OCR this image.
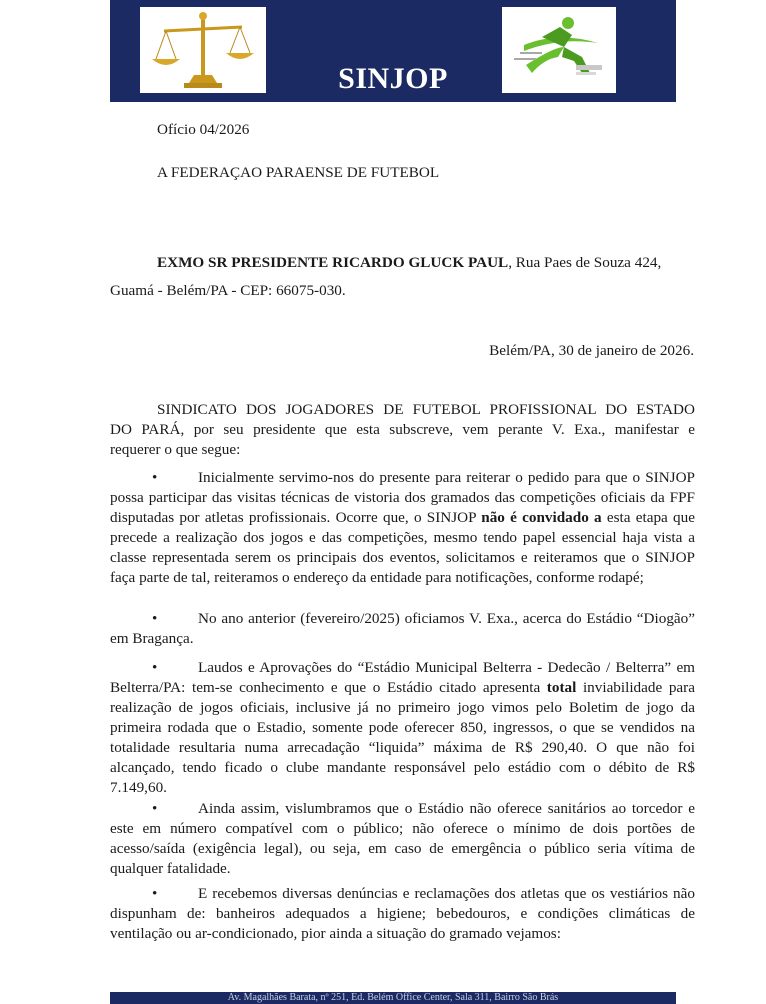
SINJOP
Ofício 04/2026
A FEDERAÇAO PARAENSE DE FUTEBOL
EXMO SR PRESIDENTE RICARDO GLUCK PAUL, Rua Paes de Souza 424,
Guamá - Belém/PA - CEP: 66075-030.
Belém/PA, 30 de janeiro de 2026.
SINDICATO DOS JOGADORES DE FUTEBOL PROFISSIONAL DO ESTADO
DO PARÁ, por seu presidente que esta subscreve, vem perante V. Exa., manifestar e
requerer o que segue:
•	Inicialmente servimo-nos do presente para reiterar o pedido para que o SINJOP possa participar das visitas técnicas de vistoria dos gramados das competições oficiais da FPF disputadas por atletas profissionais. Ocorre que, o SINJOP não é convidado a esta etapa que precede a realização dos jogos e das competições, mesmo tendo papel essencial haja vista a classe representada serem os principais dos eventos, solicitamos e reiteramos que o SINJOP faça parte de tal, reiteramos o endereço da entidade para notificações, conforme rodapé;
•	No ano anterior (fevereiro/2025) oficiamos V. Exa., acerca do Estádio “Diogão” em Bragança.
•	Laudos e Aprovações do “Estádio Municipal Belterra - Dedecão / Belterra” em Belterra/PA: tem-se conhecimento e que o Estádio citado apresenta total inviabilidade para realização de jogos oficiais, inclusive já no primeiro jogo vimos pelo Boletim de jogo da primeira rodada que o Estadio, somente pode oferecer 850, ingressos, o que se vendidos na totalidade resultaria numa arrecadação “liquida” máxima de R$ 290,40. O que não foi alcançado, tendo ficado o clube mandante responsável pelo estádio com o débito de R$ 7.149,60.
•	Ainda assim, vislumbramos que o Estádio não oferece sanitários ao torcedor e este em número compatível com o público; não oferece o mínimo de dois portões de acesso/saída (exigência legal), ou seja, em caso de emergência o público seria vítima de qualquer fatalidade.
•	E recebemos diversas denúncias e reclamações dos atletas que os vestiários não dispunham de: banheiros adequados a higiene; bebedouros, e condições climáticas de ventilação ou ar-condicionado, pior ainda a situação do gramado vejamos:
Av. Magalhães Barata, nº 251, Ed. Belém Office Center, Sala 311, Bairro São Brás
